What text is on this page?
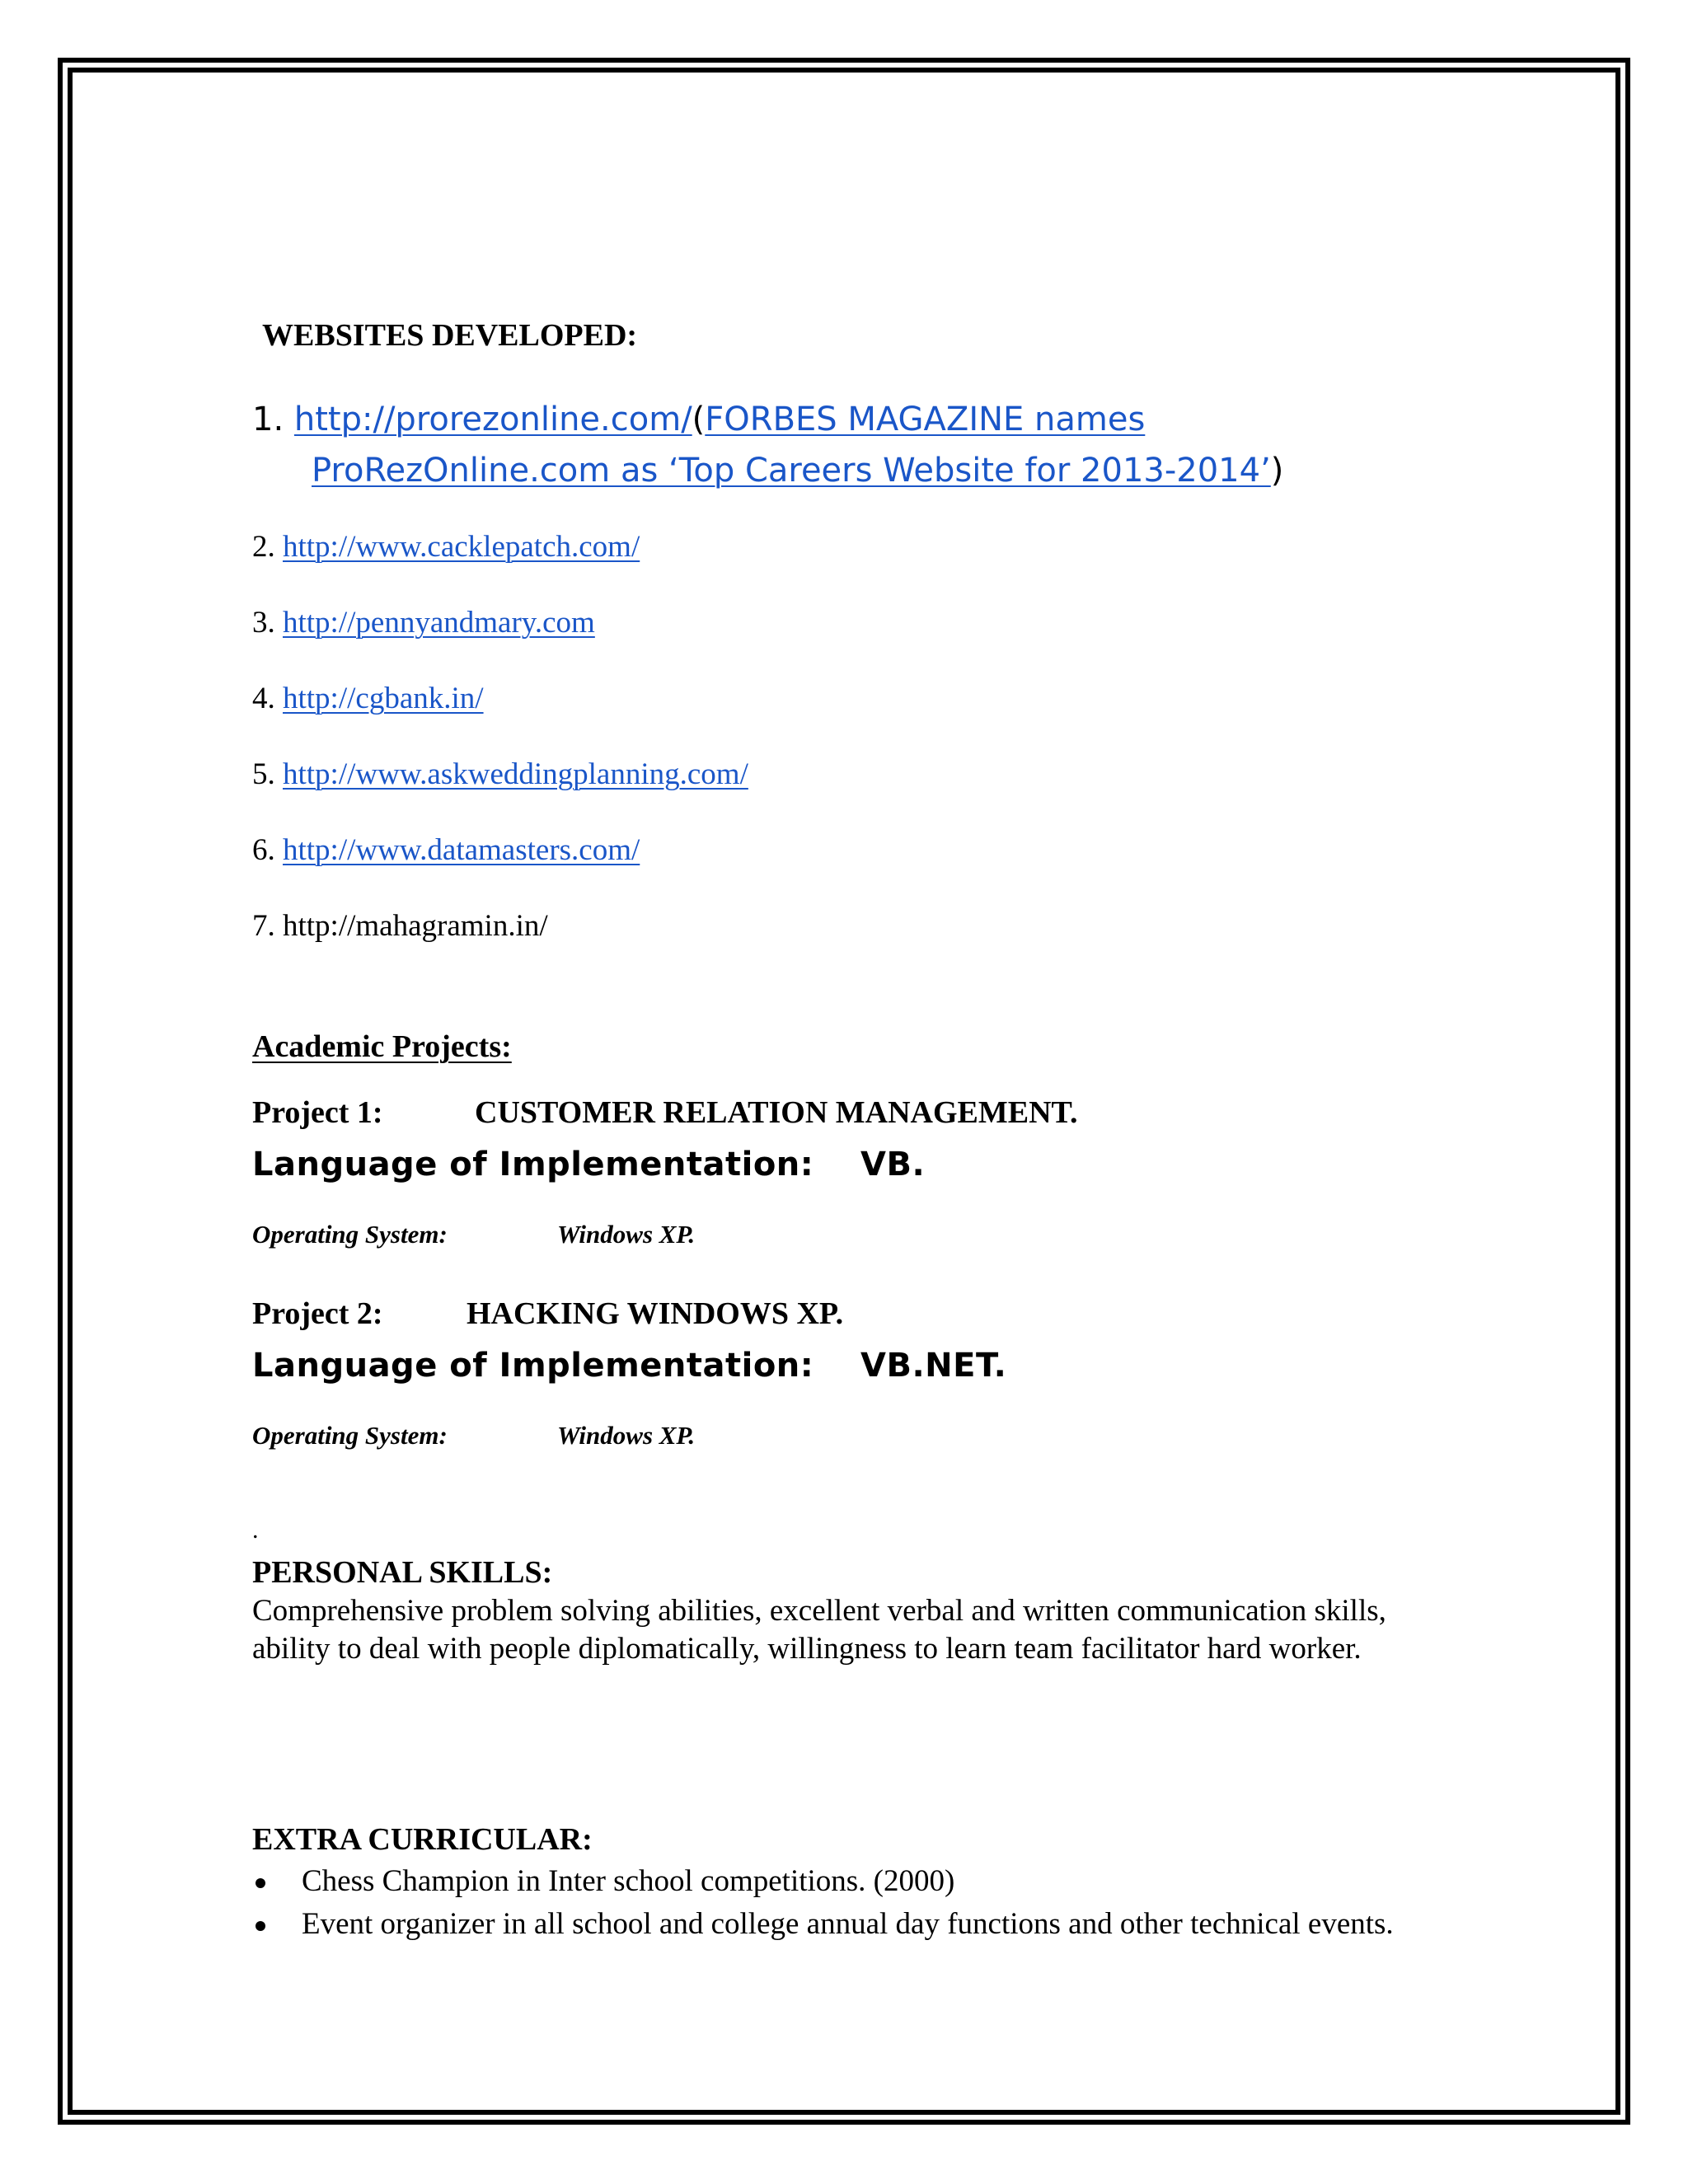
WEBSITES DEVELOPED:
1. http://prorezonline.com/(FORBES MAGAZINE names
ProRezOnline.com as ‘Top Careers Website for 2013-2014’)
2. http://www.cacklepatch.com/
3. http://pennyandmary.com
4. http://cgbank.in/
5. http://www.askweddingplanning.com/
6. http://www.datamasters.com/
7. http://mahagramin.in/
Academic Projects:
Project 1:	CUSTOMER RELATION MANAGEMENT.
Language of Implementation: VB.
Operating System:	Windows XP.
Project 2:	HACKING WINDOWS XP.
Language of Implementation: VB.NET.
Operating System:	Windows XP.
.
PERSONAL SKILLS:
Comprehensive problem solving abilities, excellent verbal and written communication skills, ability to deal with people diplomatically, willingness to learn team facilitator hard worker.
EXTRA CURRICULAR:
Chess Champion in Inter school competitions. (2000)
Event organizer in all school and college annual day functions and other technical events.
